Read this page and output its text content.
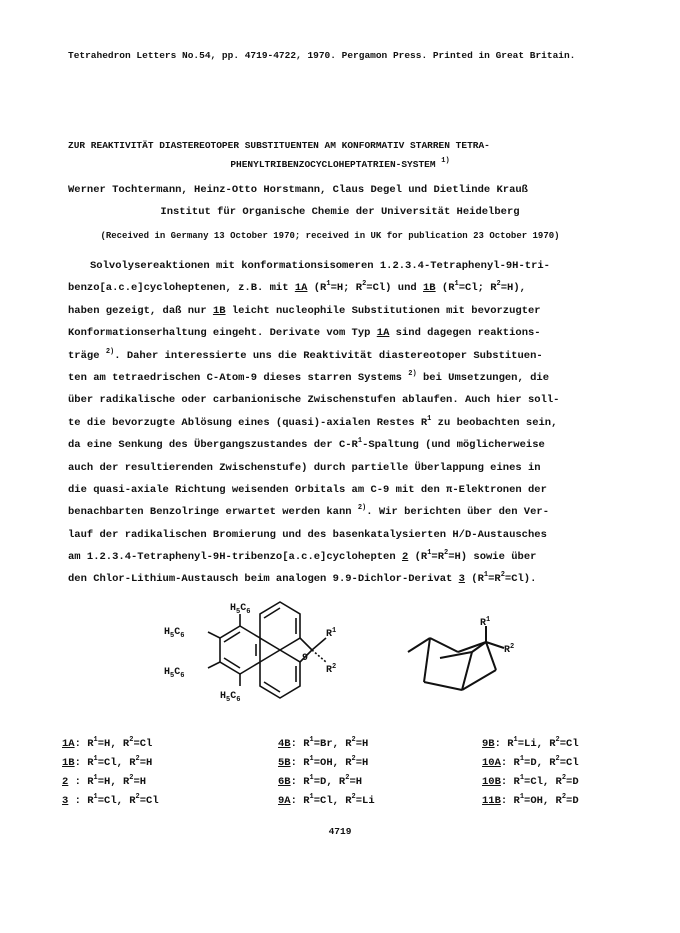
Tetrahedron Letters No.54, pp. 4719-4722, 1970. Pergamon Press. Printed in Great Britain.
ZUR REAKTIVITÄT DIASTEREOTOPER SUBSTITUENTEN AM KONFORMATIV STARREN TETRA-
PHENYLTRIBENZOCYCLOHEPTATRIEN-SYSTEM $^{1)}$
Werner Tochtermann, Heinz-Otto Horstmann, Claus Degel und Dietlinde Krauß
Institut für Organische Chemie der Universität Heidelberg
(Received in Germany 13 October 1970; received in UK for publication 23 October 1970)
Solvolysereaktionen mit konformationsisomeren 1.2.3.4-Tetraphenyl-9H-tri-
benzo[a.c.e]cycloheptenen, z.B. mit 1A ($R^1=H$; $R^2=Cl$) und 1B ($R^1=Cl$; $R^2=H$),
haben gezeigt, daß nur 1B leicht nucleophile Substitutionen mit bevorzugter
Konformationserhaltung eingeht. Derivate vom Typ 1A sind dagegen reaktions-
träge $^{2)}$. Daher interessierte uns die Reaktivität diastereotoper Substituen-
ten am tetraedrischen C-Atom-9 dieses starren Systems $^{2)}$ bei Umsetzungen, die
über radikalische oder carbanionische Zwischenstufen ablaufen. Auch hier soll-
te die bevorzugte Ablösung eines (quasi)-axialen Restes $R^1$ zu beobachten sein,
da eine Senkung des Übergangszustandes der $C-R^1$-Spaltung (und möglicherweise
auch der resultierenden Zwischenstufe) durch partielle Überlappung eines in
die quasi-axiale Richtung weisenden Orbitals am C-9 mit den π-Elektronen der
benachbarten Benzolringe erwartet werden kann $^{2)}$. Wir berichten über den Ver-
lauf der radikalischen Bromierung und des basenkatalysierten H/D-Austausches
am 1.2.3.4-Tetraphenyl-9H-tribenzo[a.c.e]cyclohepten 2 $(R^1=R^2=H)$ sowie über
den Chlor-Lithium-Austausch beim analogen 9.9-Dichlor-Derivat 3 $(R^1=R^2=Cl)$.
$H_5C_6$
$H_5C_6$
$H_5C_6$
$H_5C_6$
9
$R^1$
$R^2$
$R^1$
$R^2$
1A: $R^1=H$, $R^2=Cl$
1B: $R^1=Cl$, $R^2=H$
2 : $R^1=H$, $R^2=H$
3 : $R^1=Cl$, $R^2=Cl$
4B: $R^1=Br$, $R^2=H$
5B: $R^1=OH$, $R^2=H$
6B: $R^1=D$, $R^2=H$
9A: $R^1=Cl$, $R^2=Li$
9B: $R^1=Li$, $R^2=Cl$
10A: $R^1=D$, $R^2=Cl$
10B: $R^1=Cl$, $R^2=D$
11B: $R^1=OH$, $R^2=D$
4719
